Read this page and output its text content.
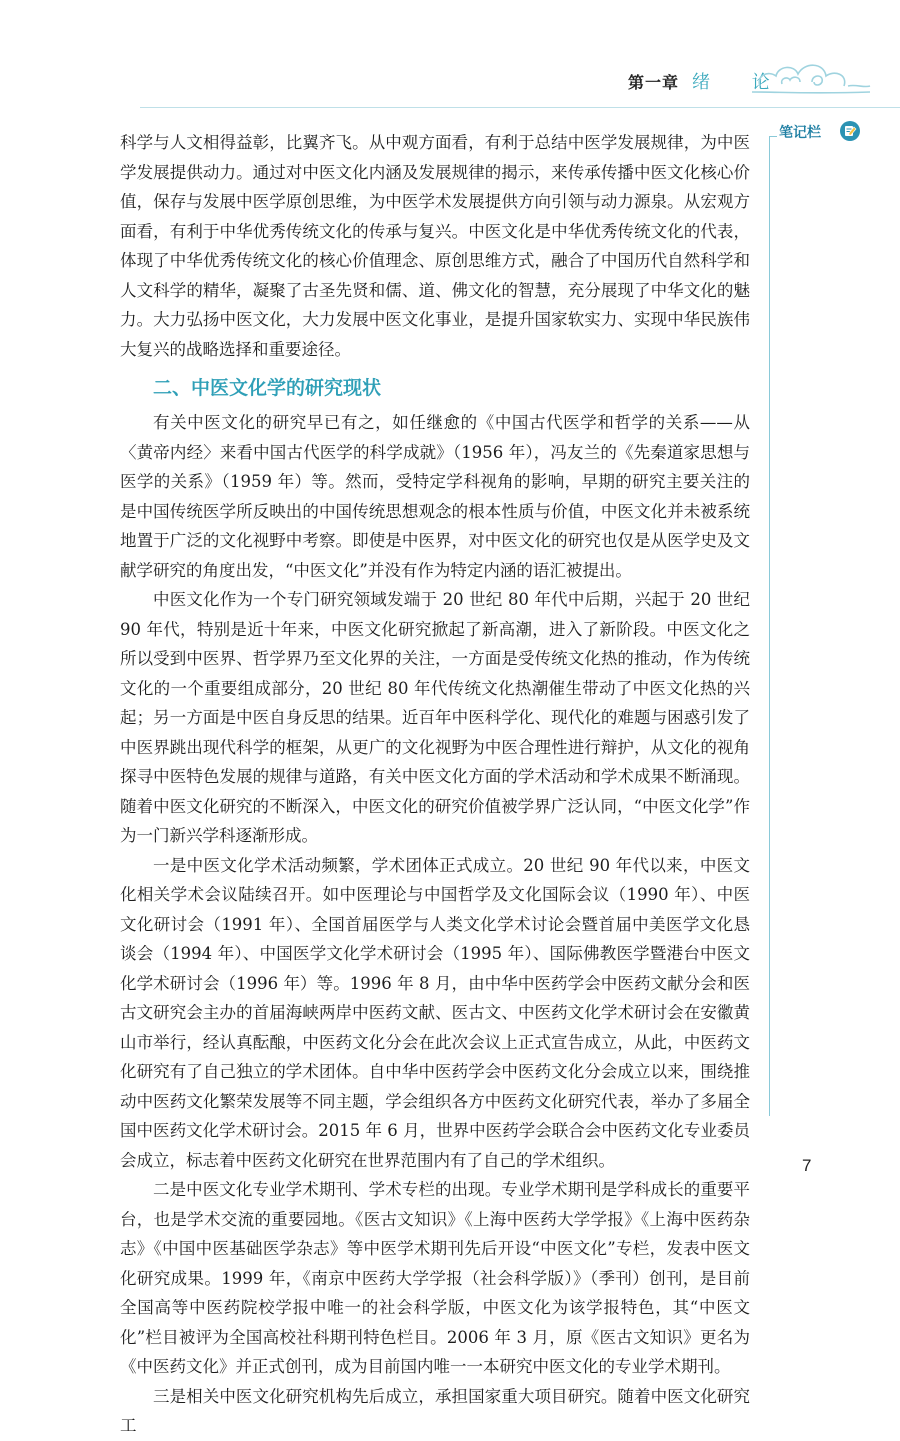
第一章 绪 论
笔记栏

科学与人文相得益彰，比翼齐飞。从中观方面看，有利于总结中医学发展规律，为中医学发展提供动力。通过对中医文化内涵及发展规律的揭示，来传承传播中医文化核心价值，保存与发展中医学原创思维，为中医学术发展提供方向引领与动力源泉。从宏观方面看，有利于中华优秀传统文化的传承与复兴。中医文化是中华优秀传统文化的代表，体现了中华优秀传统文化的核心价值理念、原创思维方式，融合了中国历代自然科学和人文科学的精华，凝聚了古圣先贤和儒、道、佛文化的智慧，充分展现了中华文化的魅力。大力弘扬中医文化，大力发展中医文化事业，是提升国家软实力、实现中华民族伟大复兴的战略选择和重要途径。

二、中医文化学的研究现状

有关中医文化的研究早已有之，如任继愈的《中国古代医学和哲学的关系——从〈黄帝内经〉来看中国古代医学的科学成就》（1956 年），冯友兰的《先秦道家思想与医学的关系》（1959 年）等。然而，受特定学科视角的影响，早期的研究主要关注的是中国传统医学所反映出的中国传统思想观念的根本性质与价值，中医文化并未被系统地置于广泛的文化视野中考察。即使是中医界，对中医文化的研究也仅是从医学史及文献学研究的角度出发，“中医文化”并没有作为特定内涵的语汇被提出。

中医文化作为一个专门研究领域发端于 20 世纪 80 年代中后期，兴起于 20 世纪 90 年代，特别是近十年来，中医文化研究掀起了新高潮，进入了新阶段。中医文化之所以受到中医界、哲学界乃至文化界的关注，一方面是受传统文化热的推动，作为传统文化的一个重要组成部分，20 世纪 80 年代传统文化热潮催生带动了中医文化热的兴起；另一方面是中医自身反思的结果。近百年中医科学化、现代化的难题与困惑引发了中医界跳出现代科学的框架，从更广的文化视野为中医合理性进行辩护，从文化的视角探寻中医特色发展的规律与道路，有关中医文化方面的学术活动和学术成果不断涌现。随着中医文化研究的不断深入，中医文化的研究价值被学界广泛认同，“中医文化学”作为一门新兴学科逐渐形成。

一是中医文化学术活动频繁，学术团体正式成立。20 世纪 90 年代以来，中医文化相关学术会议陆续召开。如中医理论与中国哲学及文化国际会议（1990 年）、中医文化研讨会（1991 年）、全国首届医学与人类文化学术讨论会暨首届中美医学文化恳谈会（1994 年）、中国医学文化学术研讨会（1995 年）、国际佛教医学暨港台中医文化学术研讨会（1996 年）等。1996 年 8 月，由中华中医药学会中医药文献分会和医古文研究会主办的首届海峡两岸中医药文献、医古文、中医药文化学术研讨会在安徽黄山市举行，经认真酝酿，中医药文化分会在此次会议上正式宣告成立，从此，中医药文化研究有了自己独立的学术团体。自中华中医药学会中医药文化分会成立以来，围绕推动中医药文化繁荣发展等不同主题，学会组织各方中医药文化研究代表，举办了多届全国中医药文化学术研讨会。2015 年 6 月，世界中医药学会联合会中医药文化专业委员会成立，标志着中医药文化研究在世界范围内有了自己的学术组织。

二是中医文化专业学术期刊、学术专栏的出现。专业学术期刊是学科成长的重要平台，也是学术交流的重要园地。《医古文知识》《上海中医药大学学报》《上海中医药杂志》《中国中医基础医学杂志》等中医学术期刊先后开设“中医文化”专栏，发表中医文化研究成果。1999 年，《南京中医药大学学报（社会科学版）》（季刊）创刊，是目前全国高等中医药院校学报中唯一的社会科学版，中医文化为该学报特色，其“中医文化”栏目被评为全国高校社科期刊特色栏目。2006 年 3 月，原《医古文知识》更名为《中医药文化》并正式创刊，成为目前国内唯一一本研究中医文化的专业学术期刊。

三是相关中医文化研究机构先后成立，承担国家重大项目研究。随着中医文化研究工

7
